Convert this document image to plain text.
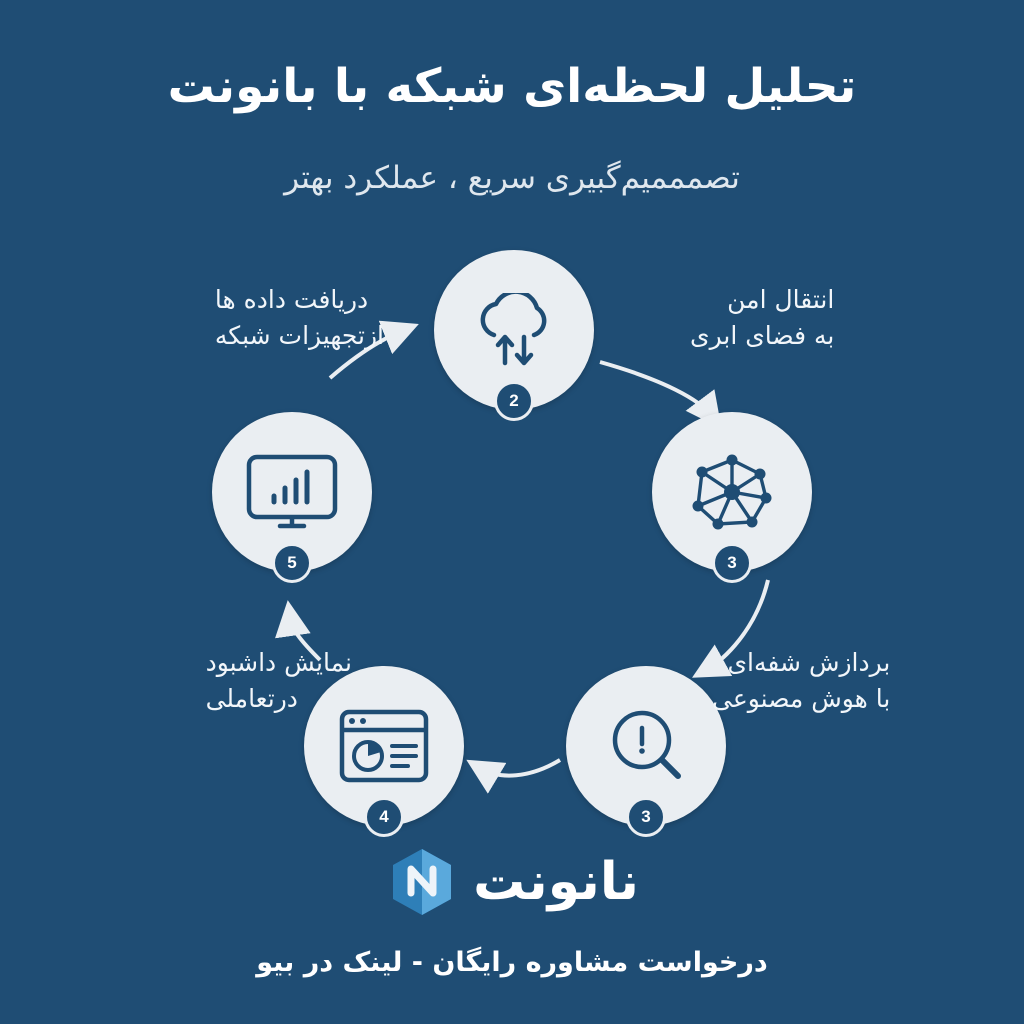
تحلیل لحظه‌ای شبکه با بانونت
تصمممیم‌گبیری سریع ، عملکرد بهتر
2
3
3
4
5
دریافت داده ها
ازتجهیزات شبکه
انتقال امن
به فضای ابری
بردازش شفه‌ای
با هوش مصنوعی
نمایش داشبود
درتعاملی
نانونت
درخواست مشاوره رایگان - لینک در بیو
